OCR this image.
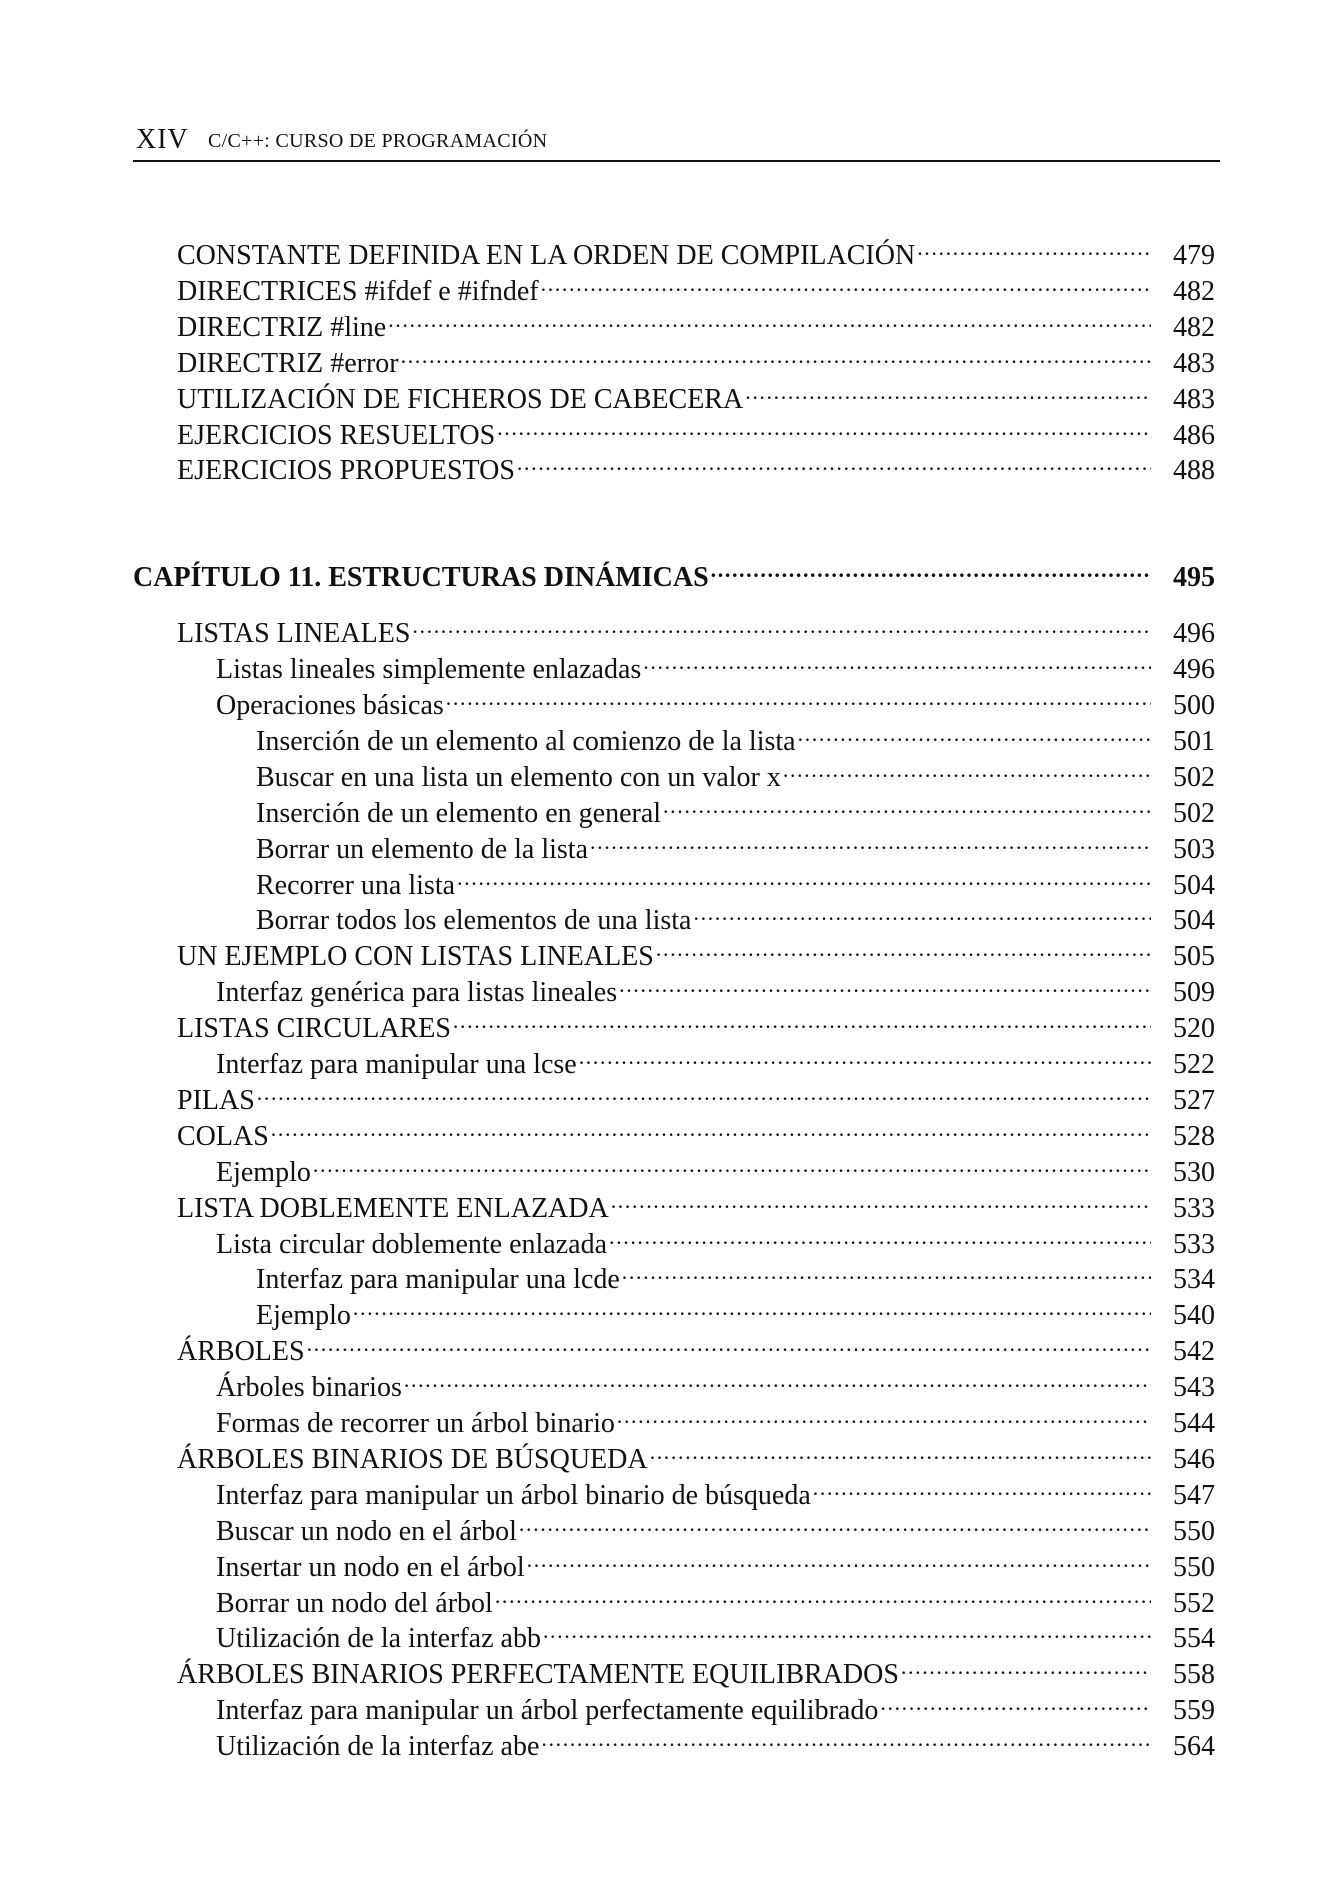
XIV C/C++: CURSO DE PROGRAMACIÓN
CONSTANTE DEFINIDA EN LA ORDEN DE COMPILACIÓN .....	479
DIRECTRICES #ifdef e #ifndef .....	482
DIRECTRIZ #line .....	482
DIRECTRIZ #error .....	483
UTILIZACIÓN DE FICHEROS DE CABECERA .....	483
EJERCICIOS RESUELTOS .....	486
EJERCICIOS PROPUESTOS .....	488
CAPÍTULO 11. ESTRUCTURAS DINÁMICAS .....	495
LISTAS LINEALES .....	496
Listas lineales simplemente enlazadas .....	496
Operaciones básicas .....	500
Inserción de un elemento al comienzo de la lista .....	501
Buscar en una lista un elemento con un valor x .....	502
Inserción de un elemento en general .....	502
Borrar un elemento de la lista .....	503
Recorrer una lista .....	504
Borrar todos los elementos de una lista .....	504
UN EJEMPLO CON LISTAS LINEALES .....	505
Interfaz genérica para listas lineales .....	509
LISTAS CIRCULARES .....	520
Interfaz para manipular una lcse .....	522
PILAS .....	527
COLAS .....	528
Ejemplo .....	530
LISTA DOBLEMENTE ENLAZADA .....	533
Lista circular doblemente enlazada .....	533
Interfaz para manipular una lcde .....	534
Ejemplo .....	540
ÁRBOLES .....	542
Árboles binarios .....	543
Formas de recorrer un árbol binario .....	544
ÁRBOLES BINARIOS DE BÚSQUEDA .....	546
Interfaz para manipular un árbol binario de búsqueda .....	547
Buscar un nodo en el árbol .....	550
Insertar un nodo en el árbol .....	550
Borrar un nodo del árbol .....	552
Utilización de la interfaz abb .....	554
ÁRBOLES BINARIOS PERFECTAMENTE EQUILIBRADOS .....	558
Interfaz para manipular un árbol perfectamente equilibrado .....	559
Utilización de la interfaz abe .....	564
